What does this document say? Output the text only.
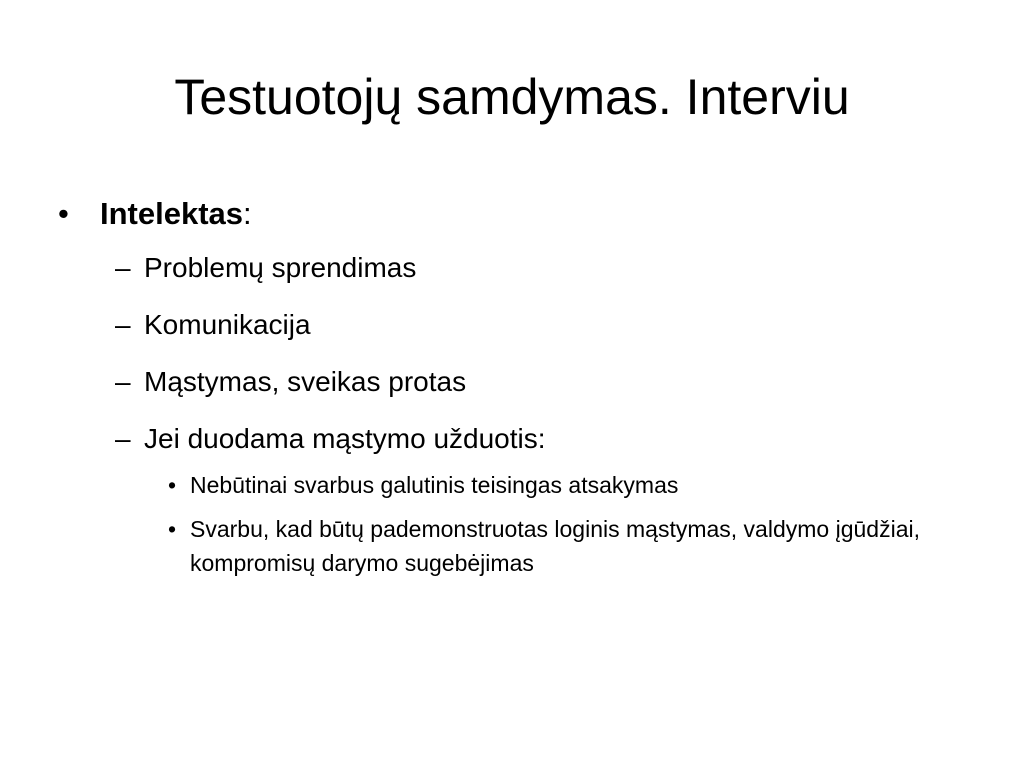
Testuotojų samdymas. Interviu
• Intelektas:
– Problemų sprendimas
– Komunikacija
– Mąstymas, sveikas protas
– Jei duodama mąstymo užduotis:
• Nebūtinai svarbus galutinis teisingas atsakymas
• Svarbu, kad būtų pademonstruotas loginis mąstymas, valdymo įgūdžiai, kompromisų darymo sugebėjimas
